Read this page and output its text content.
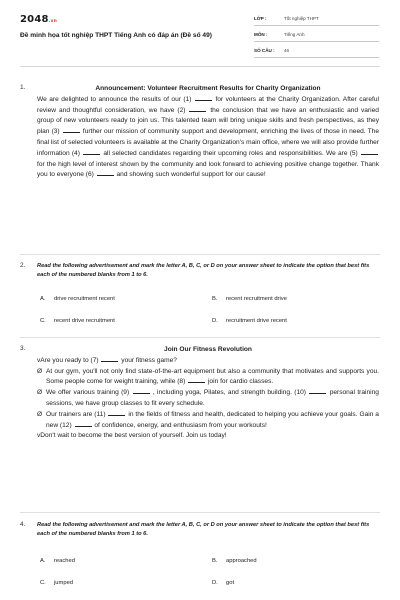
2048.vn
Đề minh họa tốt nghiệp THPT Tiếng Anh có đáp án (Đề số 49)
LỚP :	Tốt nghiệp THPT
MÔN :	Tiếng Anh
SỐ CÂU : 46
1.	Announcement: Volunteer Recruitment Results for Charity Organization
We are delighted to announce the results of our (1)	for volunteers at the Charity Organization. After careful review and thoughtful consideration, we have (2)	the conclusion that we have an enthusiastic and varied group of new volunteers ready to join us. This talented team will bring unique skills and fresh perspectives, as they plan (3)	further our mission of community support and development, enriching the lives of those in need. The final list of selected volunteers is available at the Charity Organization's main office, where we will also provide further information (4)	all selected candidates regarding their upcoming roles and responsibilities. We are (5)  for the high level of interest shown by the community and look forward to achieving positive change together. Thank you to everyone (6)	and showing such wonderful support for our cause!
2. Read the following advertisement and mark the letter A, B, C, or D on your answer sheet to indicate the option that best fits each of the numbered blanks from 1 to 6.
A. drive recruitment recent	B. recent recruitment drive
C. recent drive recruitment	D. recruitment drive recent
3.	Join Our Fitness Revolution
vAre you ready to (7)	your fitness game?
Ø At our gym, you'll not only find state-of-the-art equipment but also a community that motivates and supports you. Some people come for weight training, while (8)	join for cardio classes.
Ø We offer various training (9)	, including yoga, Pilates, and strength building. (10)	personal training sessions, we have group classes to fit every schedule.
Ø Our trainers are (11)	in the fields of fitness and health, dedicated to helping you achieve your goals. Gain a new (12)	of confidence, energy, and enthusiasm from your workouts!
vDon't wait to become the best version of yourself. Join us today!
4. Read the following advertisement and mark the letter A, B, C, or D on your answer sheet to indicate the option that best fits each of the numbered blanks from 1 to 6.
A. reached	B. approached
C. jumped	D. got
